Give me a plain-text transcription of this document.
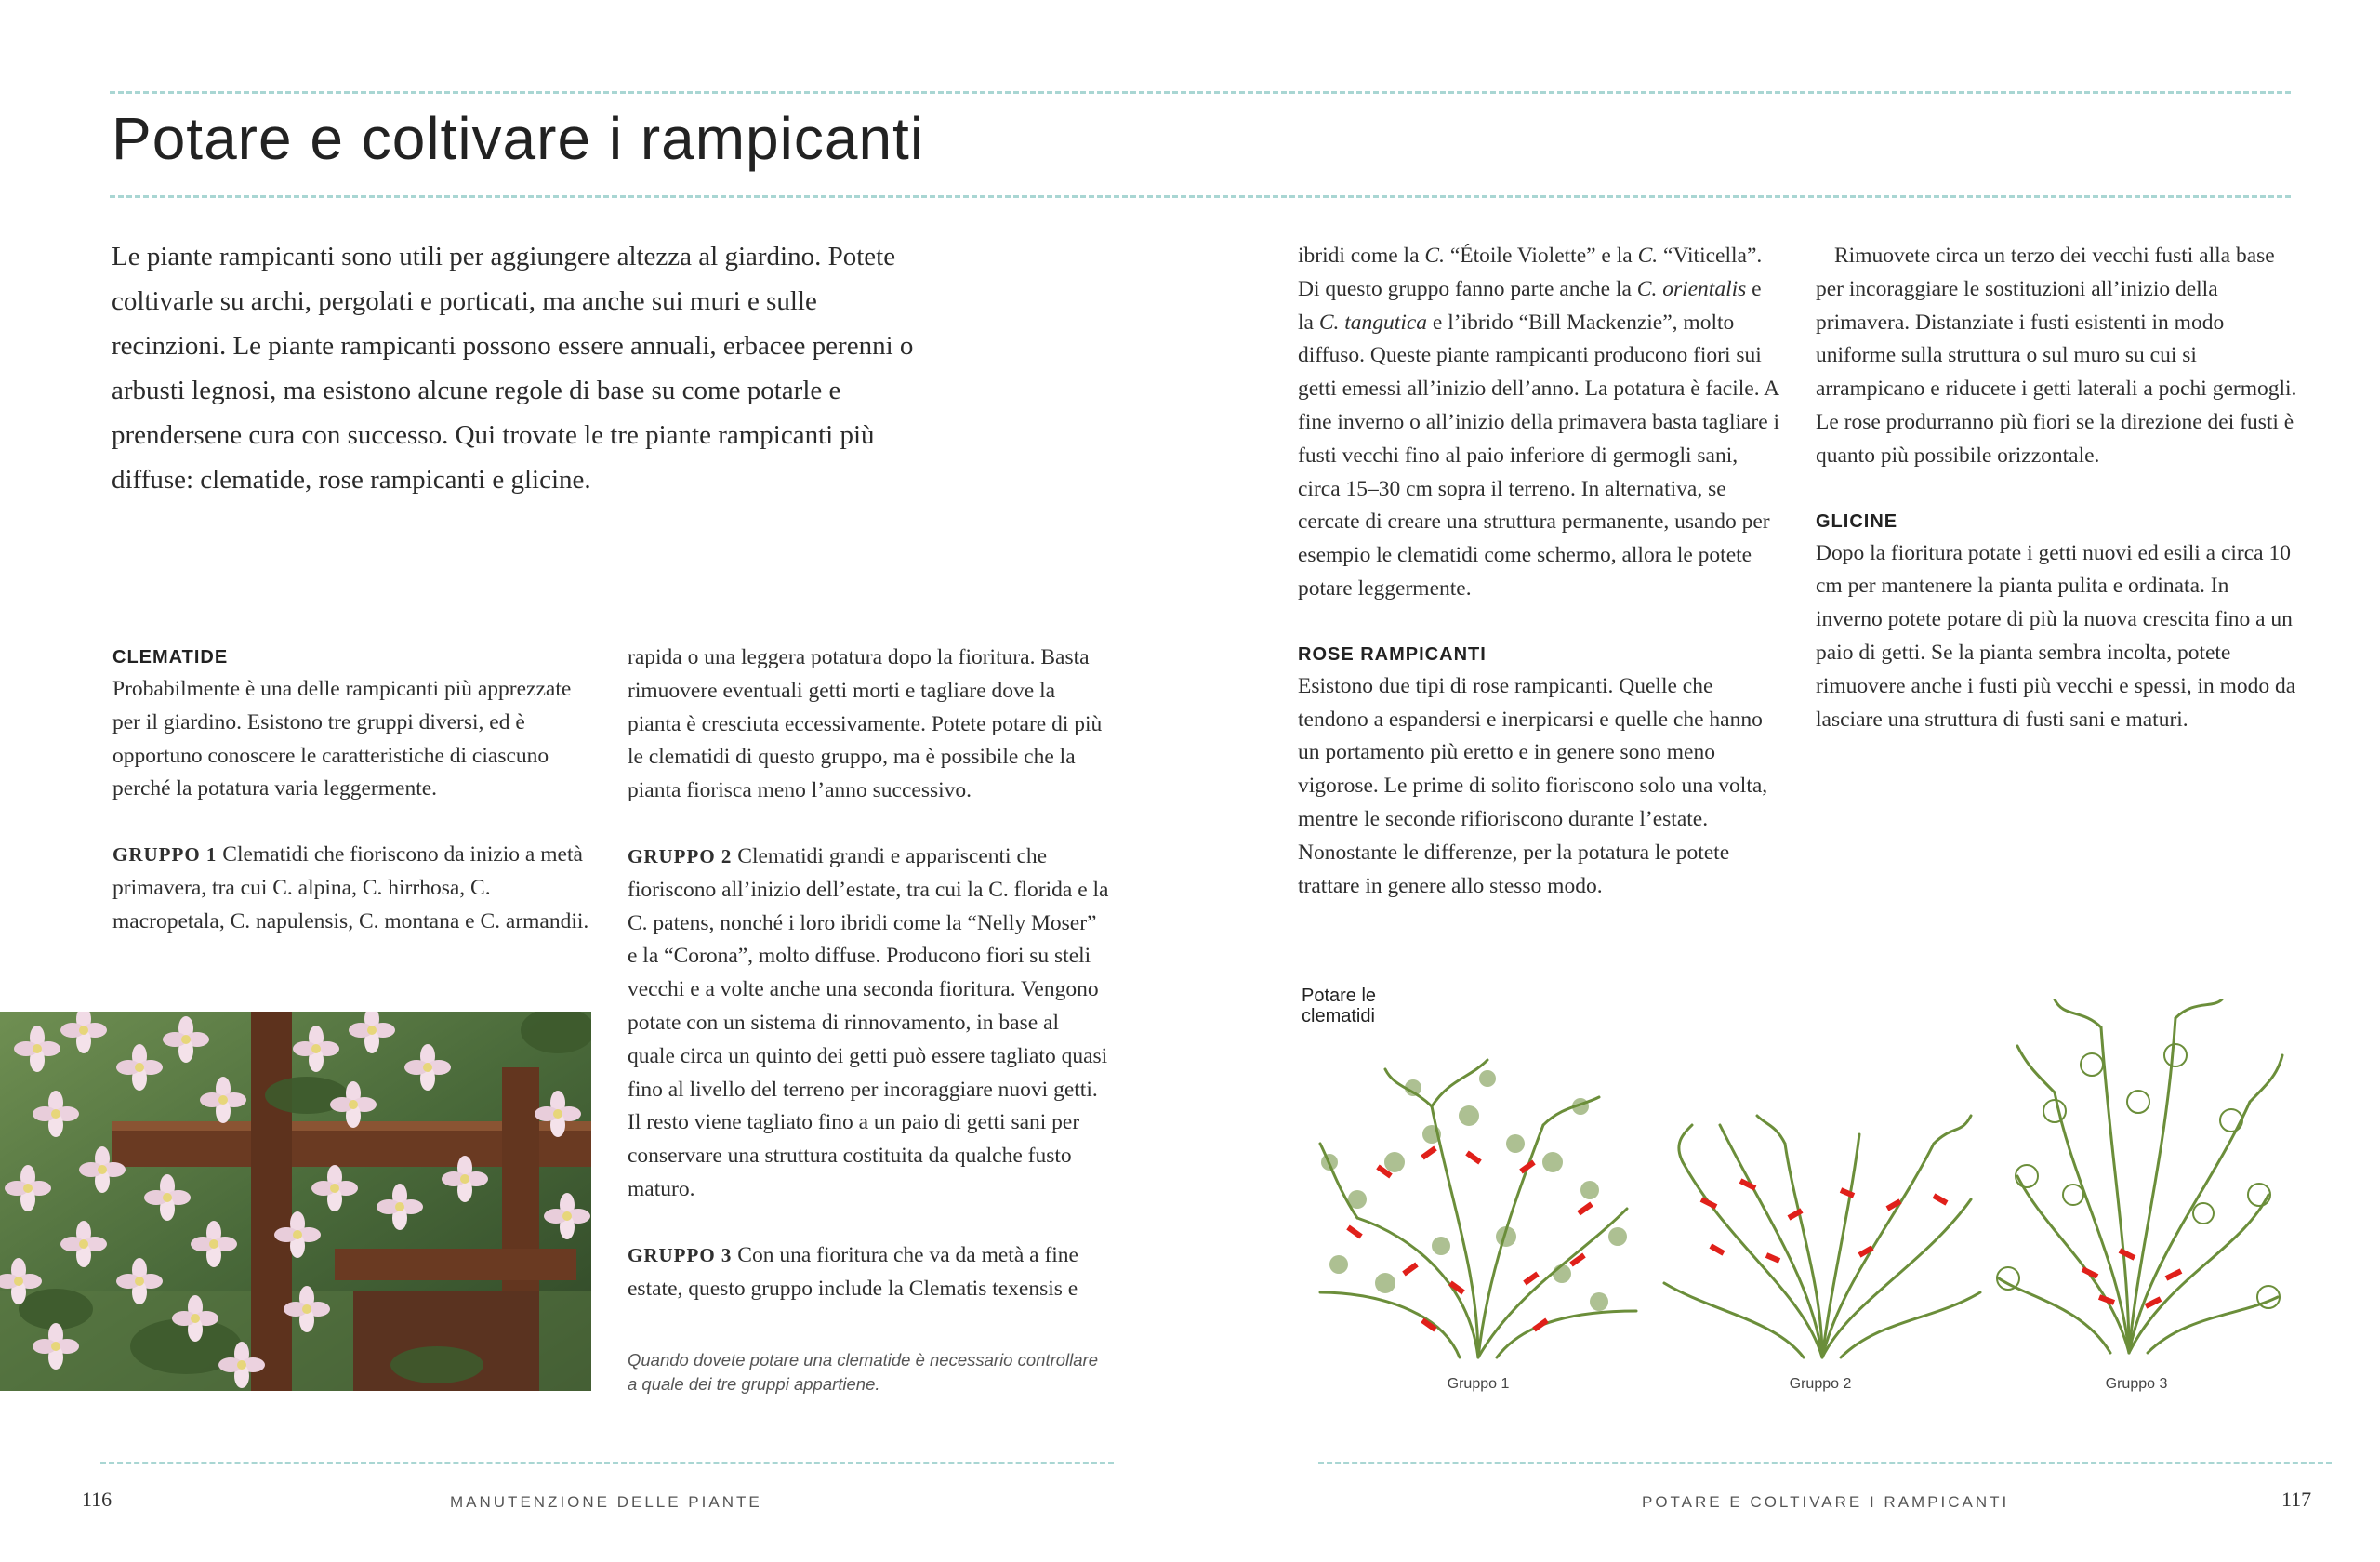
Potare e coltivare i rampicanti

Le piante rampicanti sono utili per aggiungere altezza al giardino. Potete coltivarle su archi, pergolati e porticati, ma anche sui muri e sulle recinzioni. Le piante rampicanti possono essere annuali, erbacee perenni o arbusti legnosi, ma esistono alcune regole di base su come potarle e prendersene cura con successo. Qui trovate le tre piante rampicanti più diffuse: clematide, rose rampicanti e glicine.

CLEMATIDE

Probabilmente è una delle rampicanti più apprezzate per il giardino. Esistono tre gruppi diversi, ed è opportuno conoscere le caratteristiche di ciascuno perché la potatura varia leggermente.

GRUPPO 1 Clematidi che fioriscono da inizio a metà primavera, tra cui C. alpina, C. hirrhosa, C. macropetala, C. napulensis, C. montana e C. armandii.

rapida o una leggera potatura dopo la fioritura. Basta rimuovere eventuali getti morti e tagliare dove la pianta è cresciuta eccessivamente. Potete potare di più le clematidi di questo gruppo, ma è possibile che la pianta fiorisca meno l’anno successivo.

GRUPPO 2 Clematidi grandi e appariscenti che fioriscono all’inizio dell’estate, tra cui la C. florida e la C. patens, nonché i loro ibridi come la “Nelly Moser” e la “Corona”, molto diffuse. Producono fiori su steli vecchi e a volte anche una seconda fioritura. Vengono potate con un sistema di rinnovamento, in base al quale circa un quinto dei getti può essere tagliato quasi fino al livello del terreno per incoraggiare nuovi getti. Il resto viene tagliato fino a un paio di getti sani per conservare una struttura costituita da qualche fusto maturo.

GRUPPO 3 Con una fioritura che va da metà a fine estate, questo gruppo include la Clematis texensis e

Quando dovete potare una clematide è necessario controllare a quale dei tre gruppi appartiene.

ibridi come la C. “Étoile Violette” e la C. “Viticella”. Di questo gruppo fanno parte anche la C. orientalis e la C. tangutica e l’ibrido “Bill Mackenzie”, molto diffuso. Queste piante rampicanti producono fiori sui getti emessi all’inizio dell’anno. La potatura è facile. A fine inverno o all’inizio della primavera basta tagliare i fusti vecchi fino al paio inferiore di germogli sani, circa 15–30 cm sopra il terreno. In alternativa, se cercate di creare una struttura permanente, usando per esempio le clematidi come schermo, allora le potete potare leggermente.

ROSE RAMPICANTI
Esistono due tipi di rose rampicanti. Quelle che tendono a espandersi e inerpicarsi e quelle che hanno un portamento più eretto e in genere sono meno vigorose. Le prime di solito fioriscono solo una volta, mentre le seconde rifioriscono durante l’estate. Nonostante le differenze, per la potatura le potete trattare in genere allo stesso modo.

Rimuovete circa un terzo dei vecchi fusti alla base per incoraggiare le sostituzioni all’inizio della primavera. Distanziate i fusti esistenti in modo uniforme sulla struttura o sul muro su cui si arrampicano e riducete i getti laterali a pochi germogli. Le rose produrranno più fiori se la direzione dei fusti è quanto più possibile orizzontale.

GLICINE
Dopo la fioritura potate i getti nuovi ed esili a circa 10 cm per mantenere la pianta pulita e ordinata. In inverno potete potare di più la nuova crescita fino a un paio di getti. Se la pianta sembra incolta, potete rimuovere anche i fusti più vecchi e spessi, in modo da lasciare una struttura di fusti sani e maturi.

Potare le clematidi
Gruppo 1	Gruppo 2	Gruppo 3
116	MANUTENZIONE DELLE PIANTE	POTARE E COLTIVARE I RAMPICANTI	117
